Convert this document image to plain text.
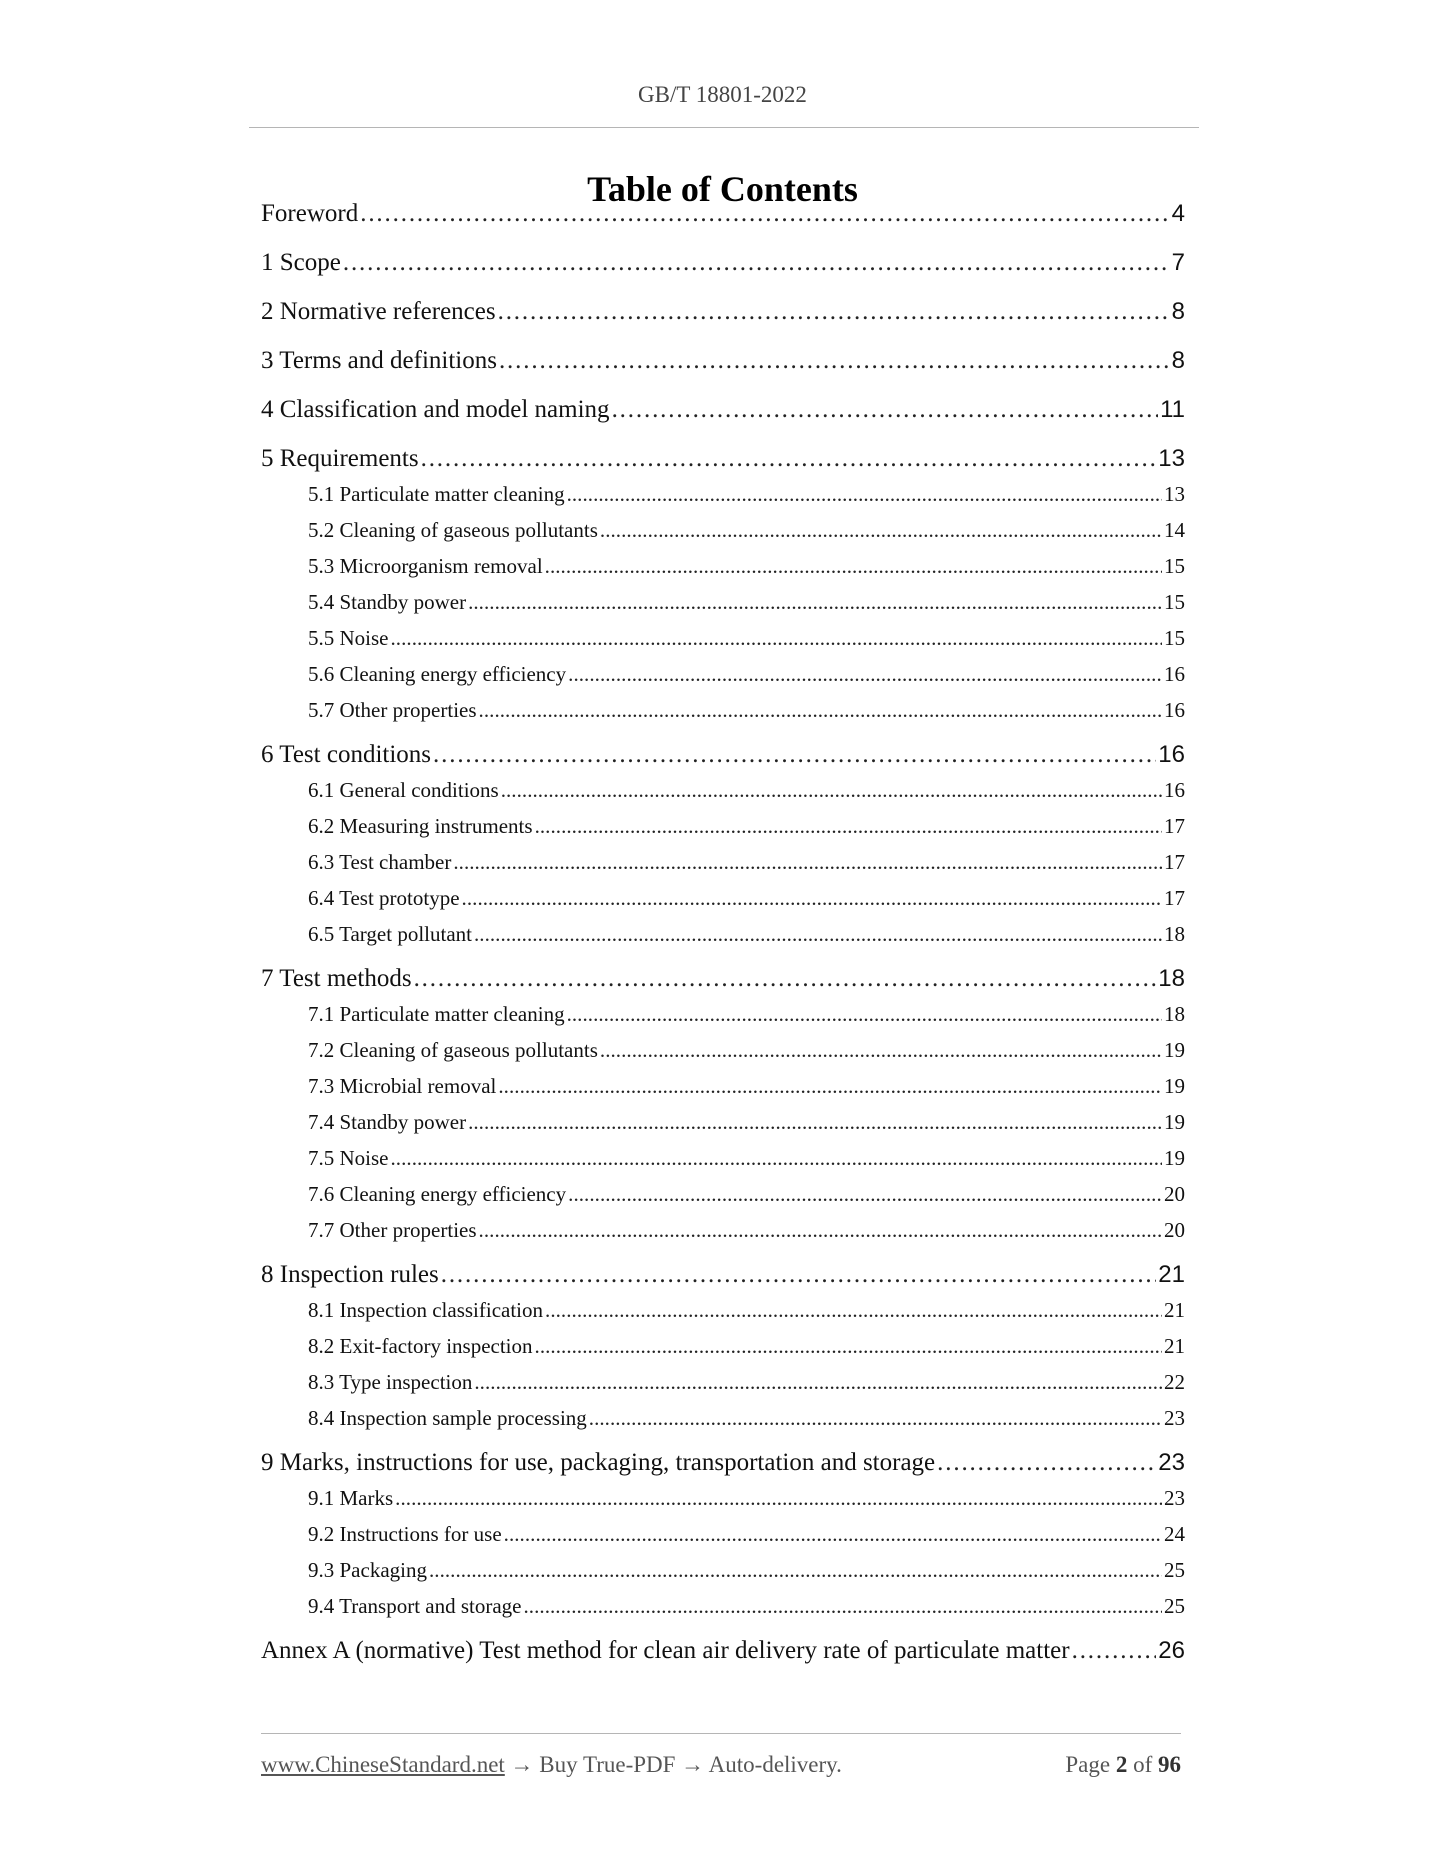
GB/T 18801-2022
Table of Contents
Foreword . . .	4
1 Scope . . .	7
2 Normative references . . .	8
3 Terms and definitions . . .	8
4 Classification and model naming . . .	11
5 Requirements . . .	13
5.1 Particulate matter cleaning . . .	13
5.2 Cleaning of gaseous pollutants . . .	14
5.3 Microorganism removal . . .	15
5.4 Standby power . . .	15
5.5 Noise . . .	15
5.6 Cleaning energy efficiency . . .	16
5.7 Other properties . . .	16
6 Test conditions . . .	16
6.1 General conditions . . .	16
6.2 Measuring instruments . . .	17
6.3 Test chamber . . .	17
6.4 Test prototype . . .	17
6.5 Target pollutant . . .	18
7 Test methods . . .	18
7.1 Particulate matter cleaning . . .	18
7.2 Cleaning of gaseous pollutants . . .	19
7.3 Microbial removal . . .	19
7.4 Standby power . . .	19
7.5 Noise . . .	19
7.6 Cleaning energy efficiency . . .	20
7.7 Other properties . . .	20
8 Inspection rules . . .	21
8.1 Inspection classification . . .	21
8.2 Exit-factory inspection . . .	21
8.3 Type inspection . . .	22
8.4 Inspection sample processing . . .	23
9 Marks, instructions for use, packaging, transportation and storage . . .	23
9.1 Marks . . .	23
9.2 Instructions for use . . .	24
9.3 Packaging . . .	25
9.4 Transport and storage . . .	25
Annex A (normative) Test method for clean air delivery rate of particulate matter . . .	26
www.ChineseStandard.net → Buy True-PDF → Auto-delivery.	Page 2 of 96
